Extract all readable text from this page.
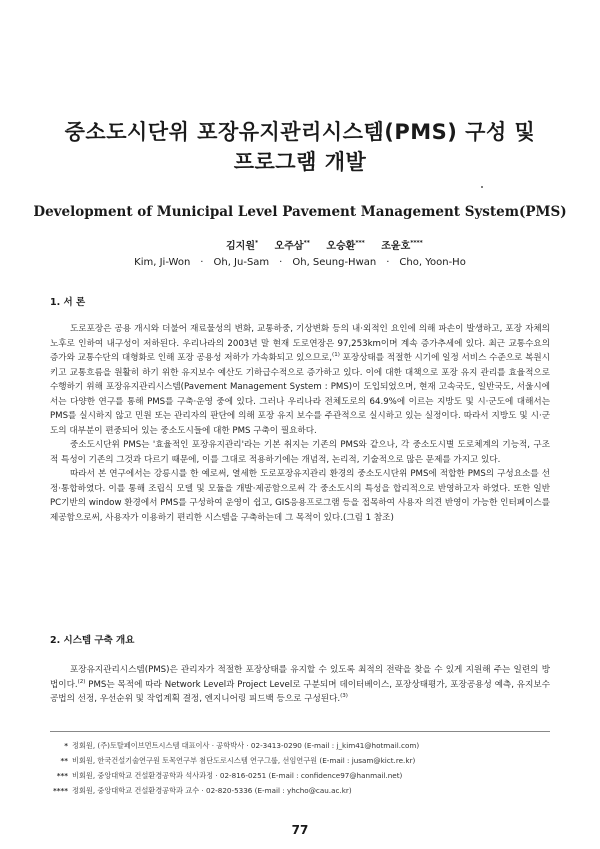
중소도시단위 포장유지관리시스템(PMS) 구성 및
프로그램 개발
Development of Municipal Level Pavement Management System(PMS)
김지원* 오주삼** 오승환*** 조윤호****
Kim, Ji-Won · Oh, Ju-Sam · Oh, Seung-Hwan · Cho, Yoon-Ho
1. 서 론

도로포장은 공용 개시와 더불어 재료물성의 변화, 교통하중, 기상변화 등의 내·외적인 요인에 의해 파손이 발생하고, 포장 자체의 노후로 인하여 내구성이 저하된다. 우리나라의 2003년 말 현재 도로연장은 97,253km이며 계속 증가추세에 있다. 최근 교통수요의 증가와 교통수단의 대형화로 인해 포장 공용성 저하가 가속화되고 있으므로,$^{(1)}$ 포장상태를 적절한 시기에 일정 서비스 수준으로 복원시키고 교통흐름을 원활히 하기 위한 유지보수 예산도 기하급수적으로 증가하고 있다. 이에 대한 대책으로 포장 유지 관리를 효율적으로 수행하기 위해 포장유지관리시스템(Pavement Management System : PMS)이 도입되었으며, 현재 고속국도, 일반국도, 서울시에서는 다양한 연구를 통해 PMS를 구축·운영 중에 있다. 그러나 우리나라 전체도로의 64.9%에 이르는 지방도 및 시·군도에 대해서는 PMS를 실시하지 않고 민원 또는 관리자의 판단에 의해 포장 유지 보수를 주관적으로 실시하고 있는 실정이다. 따라서 지방도 및 시·군도의 대부분이 편중되어 있는 중소도시들에 대한 PMS 구축이 필요하다.

중소도시단위 PMS는 '효율적인 포장유지관리'라는 기본 취지는 기존의 PMS와 같으나, 각 중소도시별 도로체계의 기능적, 구조적 특성이 기존의 그것과 다르기 때문에, 이를 그대로 적용하기에는 개념적, 논리적, 기술적으로 많은 문제를 가지고 있다.

따라서 본 연구에서는 강릉시를 한 예로써, 열세한 도로포장유지관리 환경의 중소도시단위 PMS에 적합한 PMS의 구성요소를 선정·통합하였다. 이를 통해 조립식 모델 및 모듈을 개발·제공함으로써 각 중소도시의 특성을 합리적으로 반영하고자 하였다. 또한 일반 PC기반의 window 환경에서 PMS를 구성하여 운영이 쉽고, GIS응용프로그램 등을 접목하여 사용자 의견 반영이 가능한 인터페이스를 제공함으로써, 사용자가 이용하기 편리한 시스템을 구축하는데 그 목적이 있다.(그림 1 참조)

2. 시스템 구축 개요

포장유지관리시스템(PMS)은 관리자가 적절한 포장상태를 유지할 수 있도록 최적의 전략을 찾을 수 있게 지원해 주는 일련의 방법이다.$^{(2)}$ PMS는 목적에 따라 Network Level과 Project Level로 구분되며 데이터베이스, 포장상태평가, 포장공용성 예측, 유지보수공법의 선정, 우선순위 및 작업계획 결정, 엔지니어링 피드백 등으로 구성된다.$^{(3)}$

* 정회원, (주)토탈페이브먼트시스템 대표이사 · 공학박사 · 02-3413-0290 (E-mail : j_kim41@hotmail.com)
** 비회원, 한국건설기술연구원 토목연구부 첨단도로시스템 연구그룹, 선임연구원 (E-mail : jusam@kict.re.kr)
*** 비회원, 중앙대학교 건설환경공학과 석사과정 · 02-816-0251 (E-mail : confidence97@hanmail.net)
**** 정회원, 중앙대학교 건설환경공학과 교수 · 02-820-5336 (E-mail : yhcho@cau.ac.kr)
77
